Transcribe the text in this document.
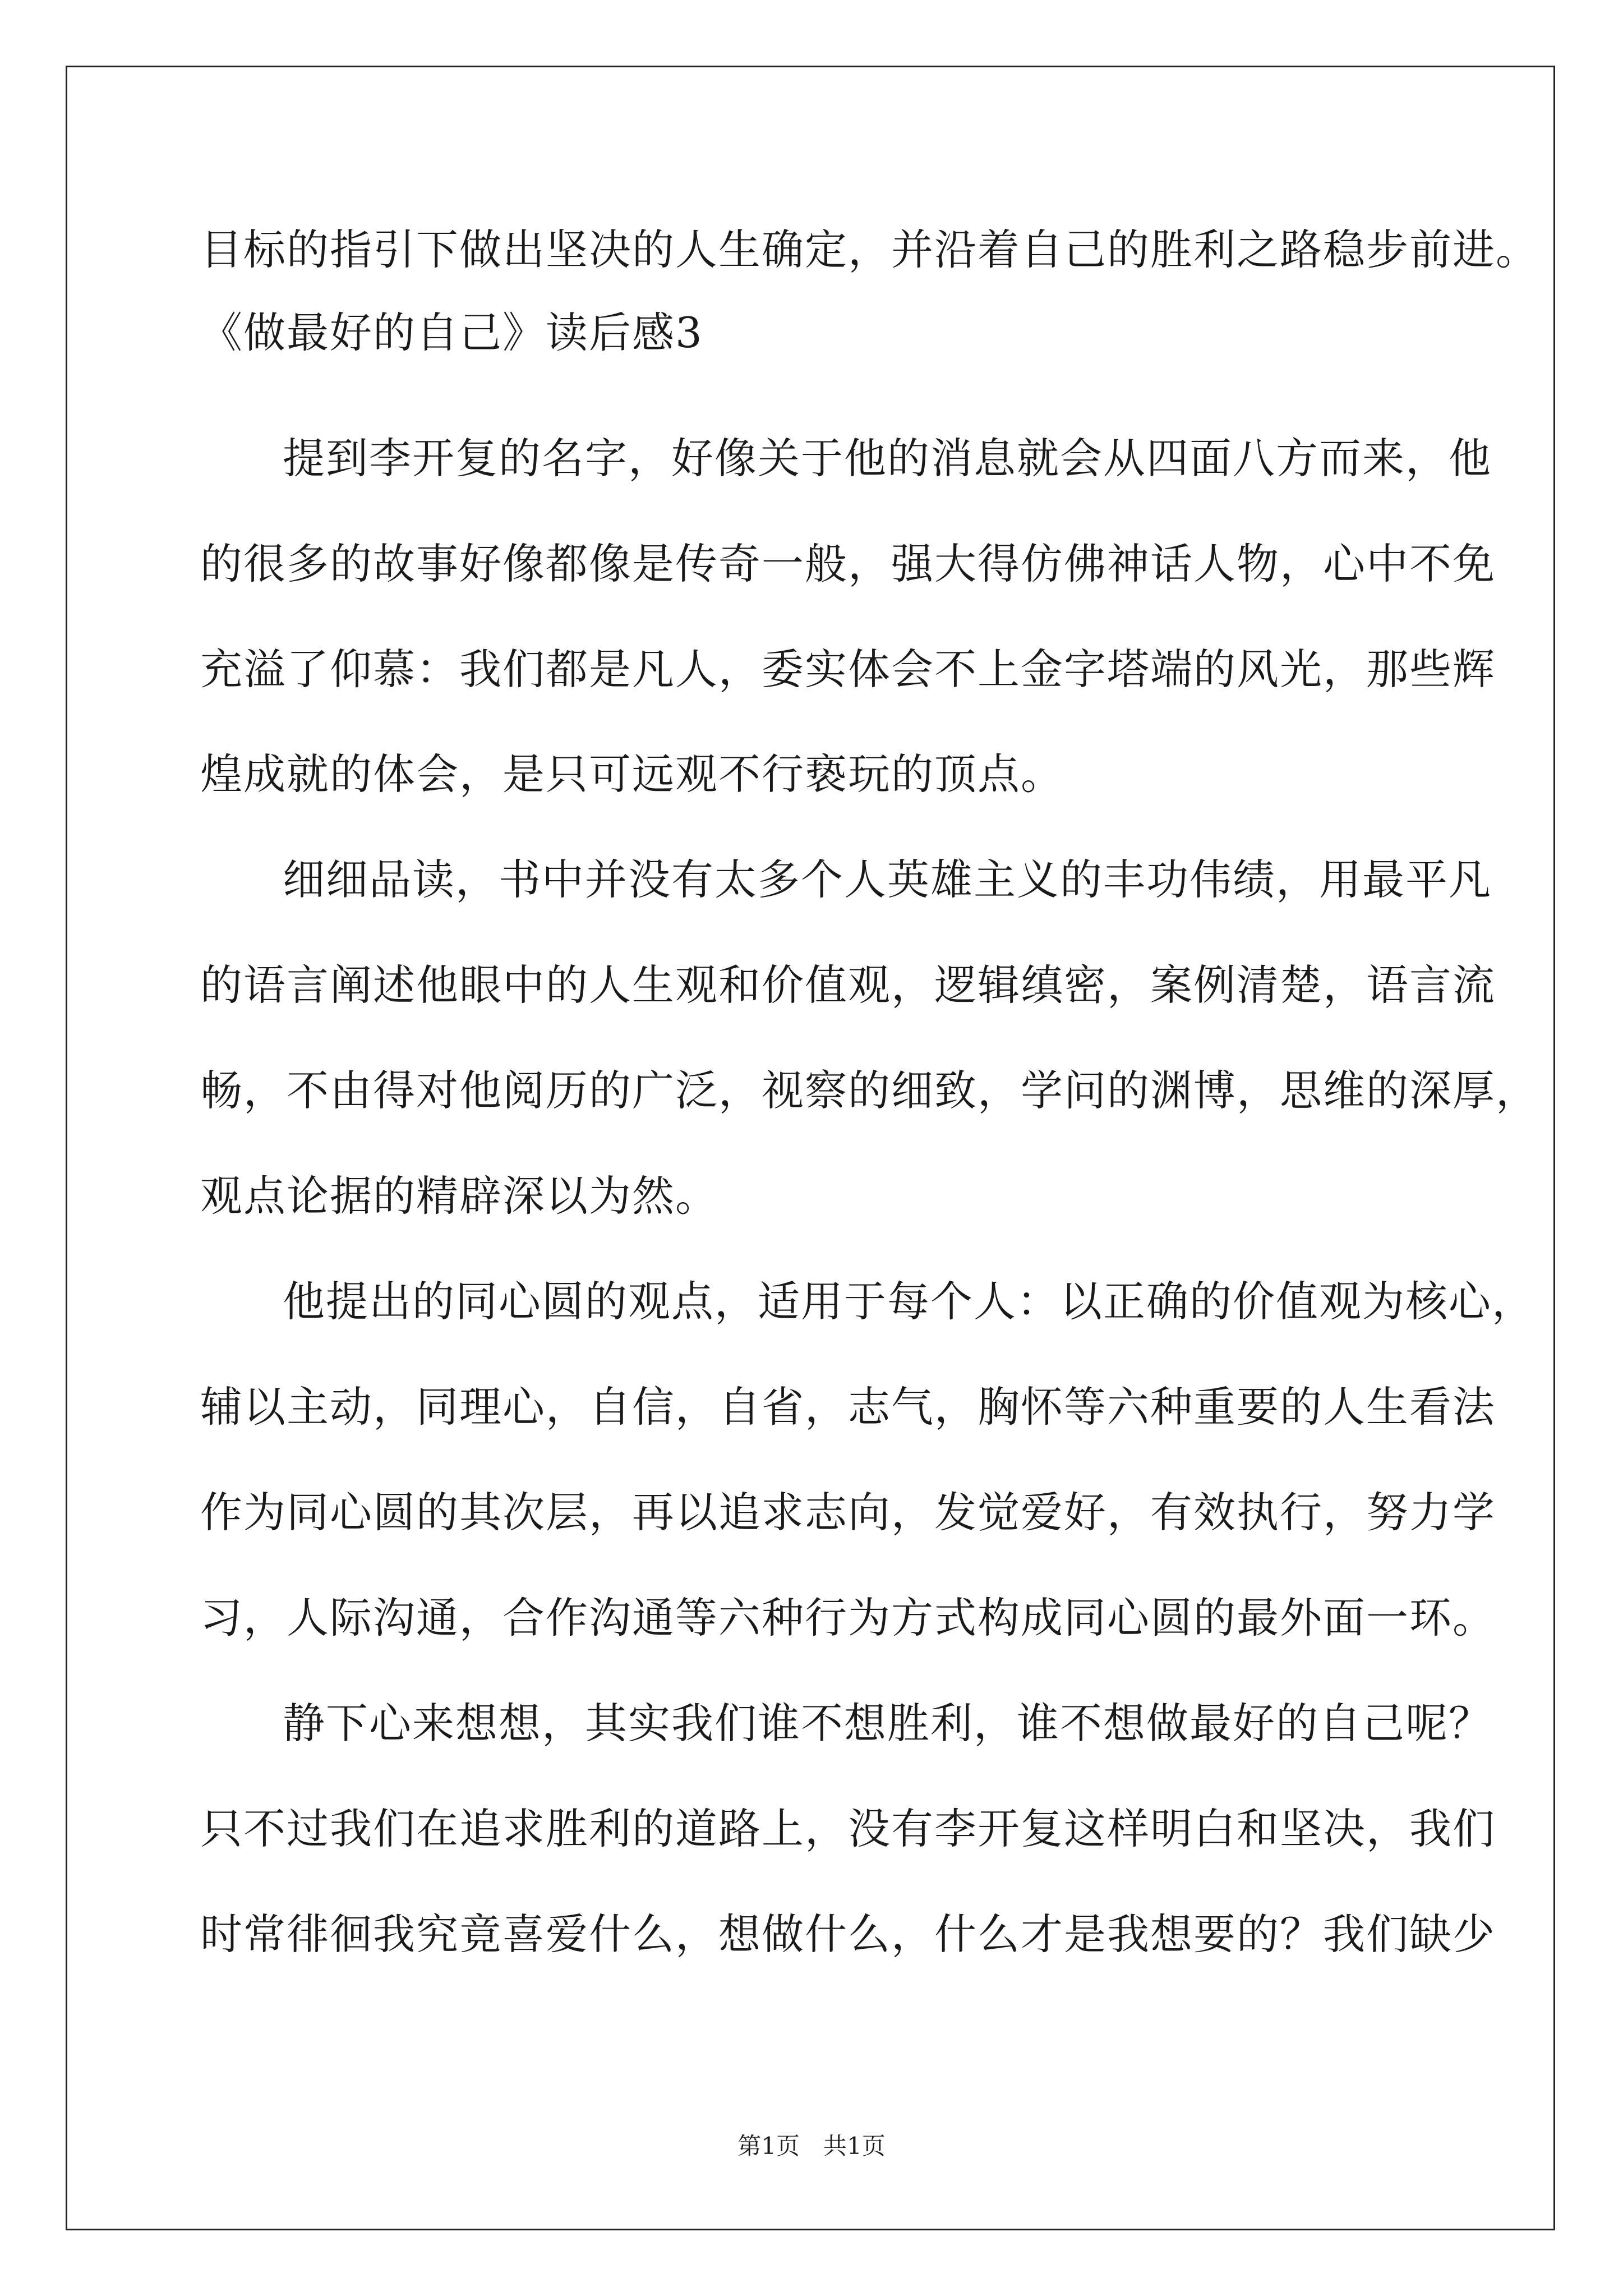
目标的指引下做出坚决的人生确定，并沿着自己的胜利之路稳步前进。
《做最好的自己》读后感3
提到李开复的名字，好像关于他的消息就会从四面八方而来，他
的很多的故事好像都像是传奇一般，强大得仿佛神话人物，心中不免
充溢了仰慕：我们都是凡人，委实体会不上金字塔端的风光，那些辉
煌成就的体会，是只可远观不行亵玩的顶点。
细细品读，书中并没有太多个人英雄主义的丰功伟绩，用最平凡
的语言阐述他眼中的人生观和价值观，逻辑缜密，案例清楚，语言流
畅，不由得对他阅历的广泛，视察的细致，学问的渊博，思维的深厚，
观点论据的精辟深以为然。
他提出的同心圆的观点，适用于每个人：以正确的价值观为核心，
辅以主动，同理心，自信，自省，志气，胸怀等六种重要的人生看法
作为同心圆的其次层，再以追求志向，发觉爱好，有效执行，努力学
习，人际沟通，合作沟通等六种行为方式构成同心圆的最外面一环。
静下心来想想，其实我们谁不想胜利，谁不想做最好的自己呢？
只不过我们在追求胜利的道路上，没有李开复这样明白和坚决，我们
时常徘徊我究竟喜爱什么，想做什么，什么才是我想要的？我们缺少
第1页　共1页
